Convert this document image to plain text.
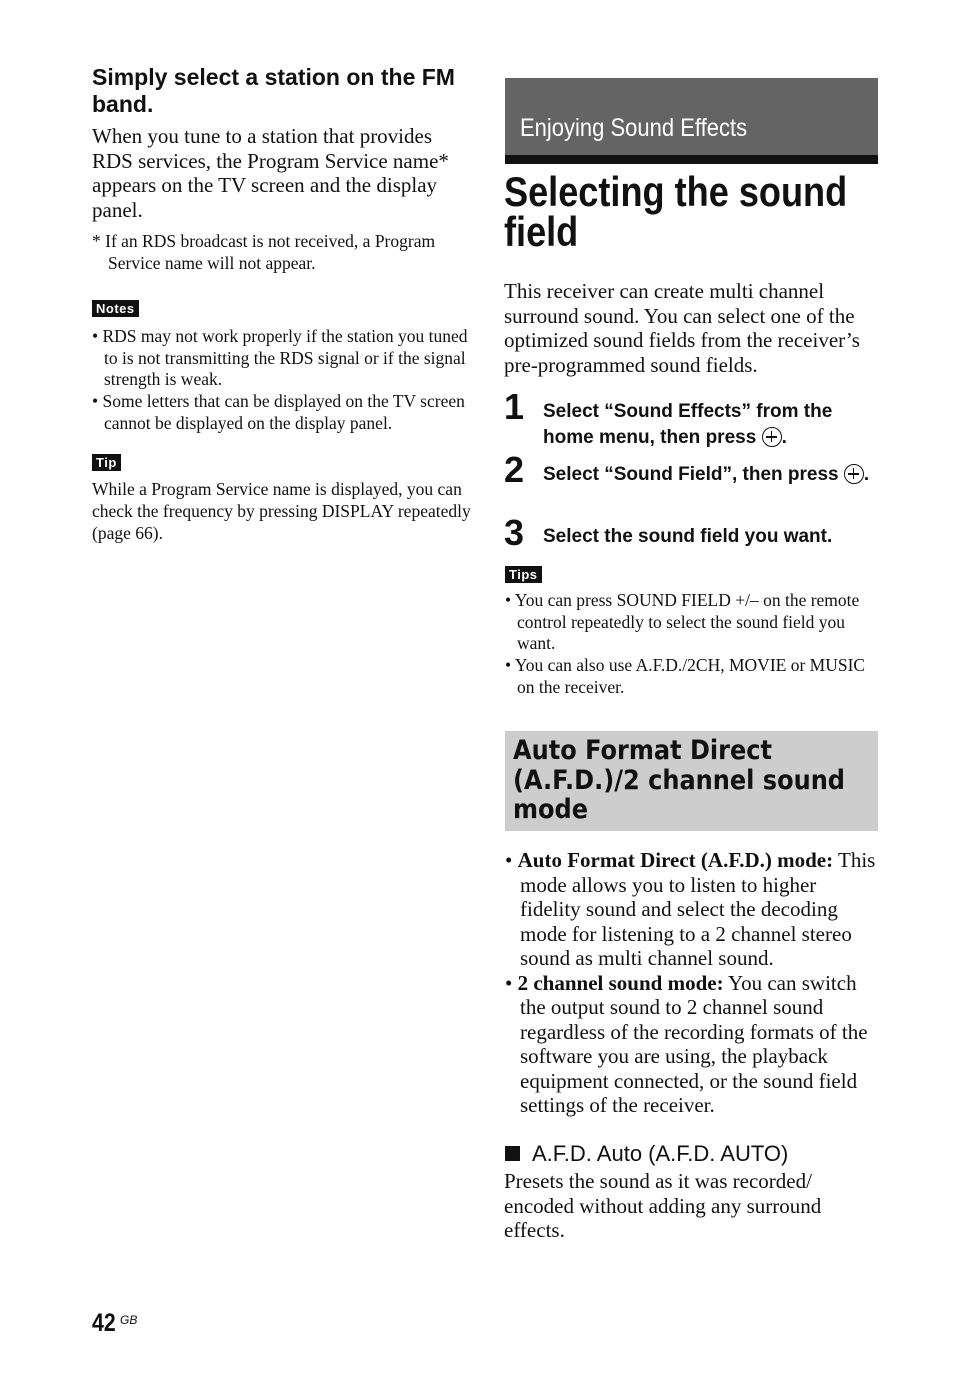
Simply select a station on the FM band.

When you tune to a station that provides RDS services, the Program Service name* appears on the TV screen and the display panel.

* If an RDS broadcast is not received, a Program Service name will not appear.

Notes
• RDS may not work properly if the station you tuned to is not transmitting the RDS signal or if the signal strength is weak.
• Some letters that can be displayed on the TV screen cannot be displayed on the display panel.
Tip

While a Program Service name is displayed, you can check the frequency by pressing DISPLAY repeatedly (page 66).

Enjoying Sound Effects
Selecting the sound field

This receiver can create multi channel surround sound. You can select one of the optimized sound fields from the receiver’s pre-programmed sound fields.

1 Select “Sound Effects” from the home menu, then press .
2 Select “Sound Field”, then press .
3 Select the sound field you want.
Tips
• You can press SOUND FIELD +/– on the remote control repeatedly to select the sound field you want.
• You can also use A.F.D./2CH, MOVIE or MUSIC on the receiver.
Auto Format Direct (A.F.D.)/2 channel sound mode
• Auto Format Direct (A.F.D.) mode: This mode allows you to listen to higher fidelity sound and select the decoding mode for listening to a 2 channel stereo sound as multi channel sound.
• 2 channel sound mode: You can switch the output sound to 2 channel sound regardless of the recording formats of the software you are using, the playback equipment connected, or the sound field settings of the receiver.
A.F.D. Auto (A.F.D. AUTO)

Presets the sound as it was recorded/ encoded without adding any surround effects.

42 GB
